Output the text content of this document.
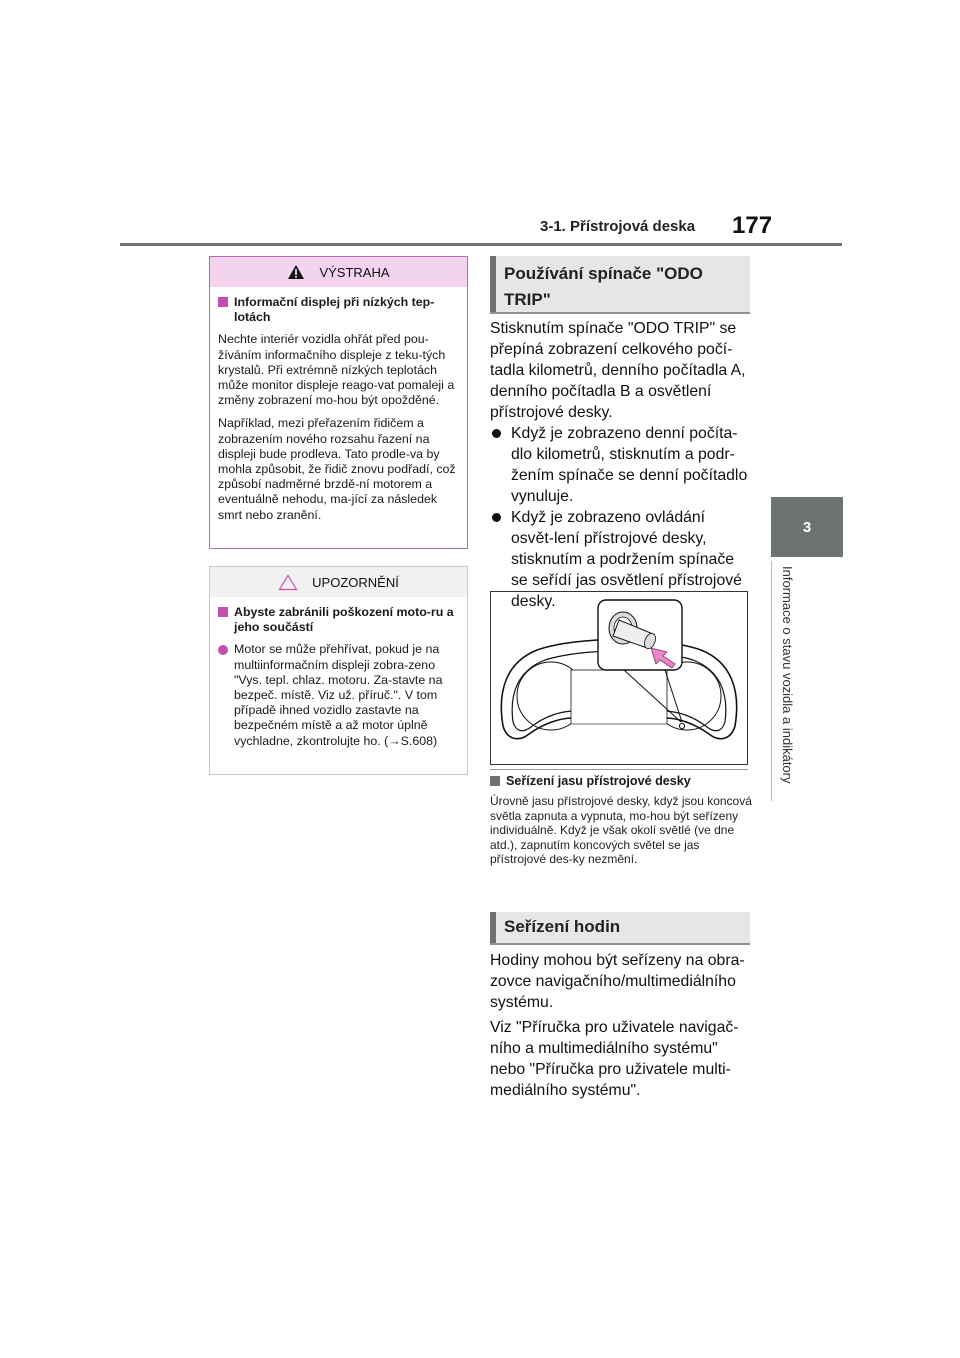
3-1. Přístrojová deska 177
3
Informace o stavu vozidla a indikátory
VÝSTRAHA

Informační displej při nízkých tep-lotách

Nechte interiér vozidla ohřát před pou-žíváním informačního displeje z teku-tých krystalů. Při extrémně nízkých teplotách může monitor displeje reago-vat pomalejі a změny zobrazení mo-hou být opožděné.

Například, mezi přeřazením řidičem a zobrazením nového rozsahu řazení na displeji bude prodleva. Tato prodle-va by mohla způsobit, že řidič znovu podřadí, což způsobí nadměrné brzdě-ní motorem a eventuálně nehodu, ma-jící za následek smrt nebo zranění.

UPOZORNĚNÍ

Abyste zabránili poškození moto-ru a jeho součástí

Motor se může přehřívat, pokud je na multiinformačním displeji zobra-zeno "Vys. tepl. chlaz. motoru. Za-stavte na bezpeč. místě. Viz už. příruč.". V tom případě ihned vozidlo zastavte na bezpečném místě a až motor úplně vychladne, zkontrolujte ho. (→S.608)
Používání spínače "ODO TRIP"

Stisknutím spínače "ODO TRIP" se přepíná zobrazení celkového počí-tadla kilometrů, denního počítadla A, denního počítadla B a osvětlení přístrojové desky.

Když je zobrazeno denní počíta-dlo kilometrů, stisknutím a podr-žením spínače se denní počítadlo vynuluje.
Když je zobrazeno ovládání osvět-lení přístrojové desky, stisknutím a podržením spínače se seřídí jas osvětlení přístrojové desky.
Seřízení jasu přístrojové desky

Úrovně jasu přístrojové desky, když jsou koncová světla zapnuta a vypnuta, mo-hou být seřízeny individuálně. Když je však okolí světlé (ve dne atd.), zapnutím koncových světel se jas přístrojové des-ky nezmění.

Seřízení hodin

Hodiny mohou být seřízeny na obra-zovce navigačního/multimediálního systému.

Viz "Příručka pro uživatele navigač-ního a multimediálního systému" nebo "Příručka pro uživatele multi-mediálního systému".
